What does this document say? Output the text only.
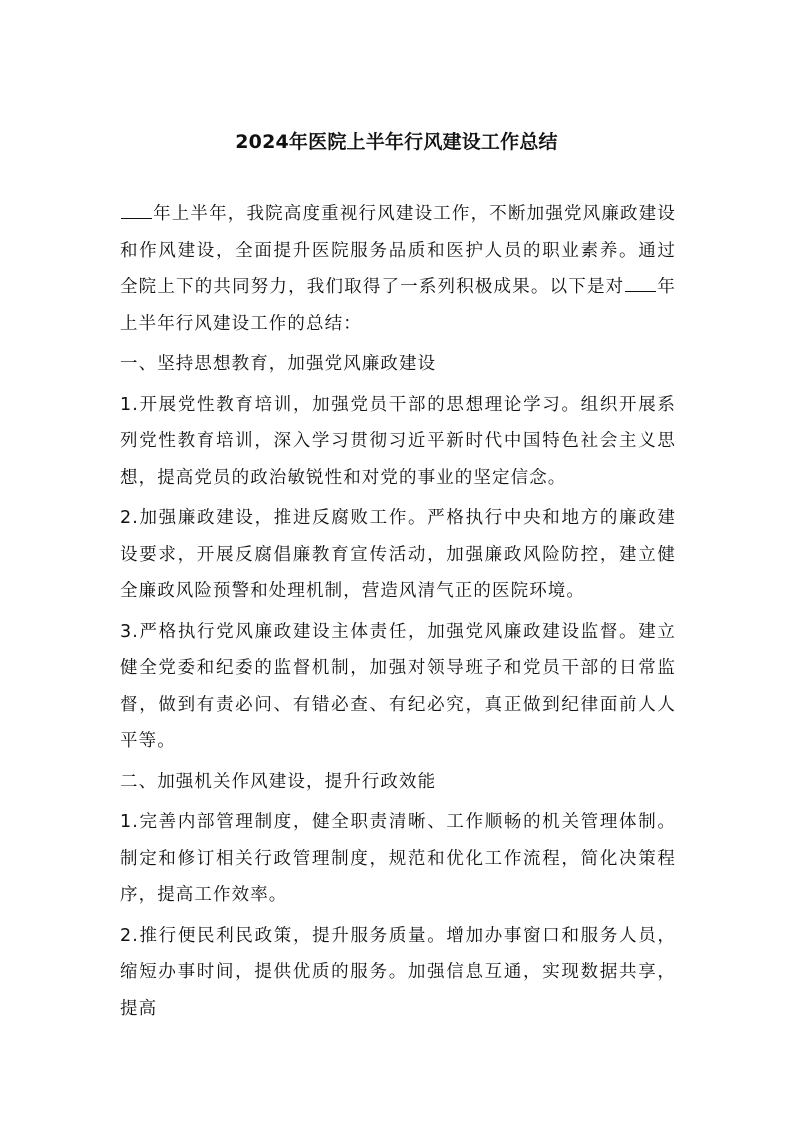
2024年医院上半年行风建设工作总结

年上半年，我院高度重视行风建设工作，不断加强党风廉政建设和作风建设，全面提升医院服务品质和医护人员的职业素养。通过全院上下的共同努力，我们取得了一系列积极成果。以下是对 年上半年行风建设工作的总结：

一、坚持思想教育，加强党风廉政建设

1.开展党性教育培训，加强党员干部的思想理论学习。组织开展系列党性教育培训，深入学习贯彻习近平新时代中国特色社会主义思想，提高党员的政治敏锐性和对党的事业的坚定信念。

2.加强廉政建设，推进反腐败工作。严格执行中央和地方的廉政建设要求，开展反腐倡廉教育宣传活动，加强廉政风险防控，建立健全廉政风险预警和处理机制，营造风清气正的医院环境。

3.严格执行党风廉政建设主体责任，加强党风廉政建设监督。建立健全党委和纪委的监督机制，加强对领导班子和党员干部的日常监督，做到有责必问、有错必查、有纪必究，真正做到纪律面前人人平等。

二、加强机关作风建设，提升行政效能

1.完善内部管理制度，健全职责清晰、工作顺畅的机关管理体制。制定和修订相关行政管理制度，规范和优化工作流程，简化决策程序，提高工作效率。

2.推行便民利民政策，提升服务质量。增加办事窗口和服务人员，缩短办事时间，提供优质的服务。加强信息互通，实现数据共享，提高
